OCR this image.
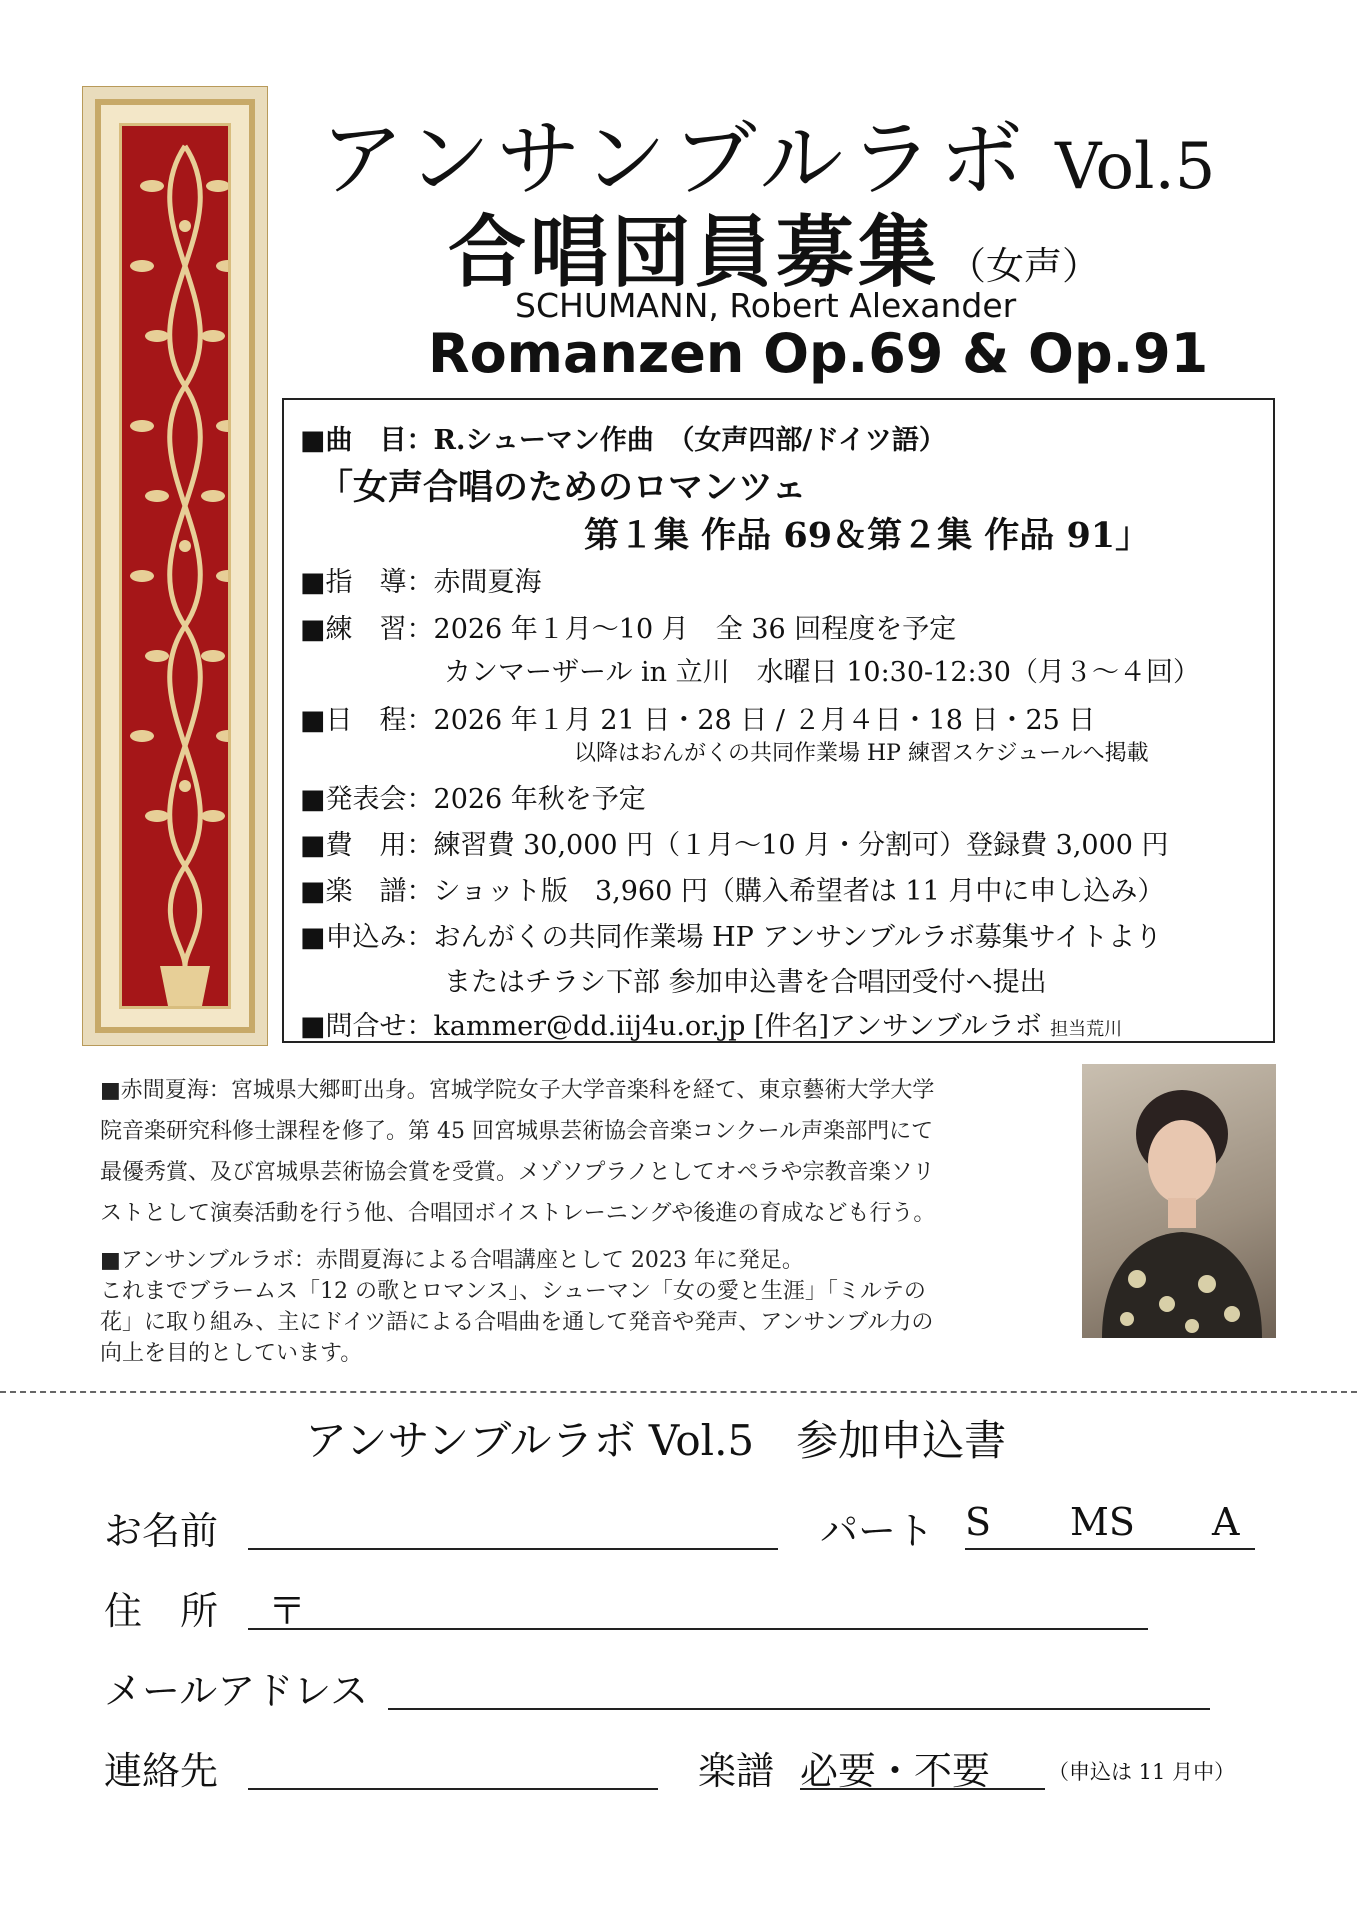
アンサンブルラボ Vol.5
合唱団員募集 （女声）
SCHUMANN, Robert Alexander
Romanzen Op.69 & Op.91
■曲　目：R.シューマン作曲　（女声四部/ドイツ語）
「女声合唱のためのロマンツェ
第１集 作品 69＆第２集 作品 91」
■指　導：赤間夏海
■練　習：2026 年１月～10 月　全 36 回程度を予定
カンマーザール in 立川　水曜日 10:30-12:30（月３～４回）
■日　程：2026 年１月 21 日・28 日 / ２月４日・18 日・25 日
以降はおんがくの共同作業場 HP 練習スケジュールへ掲載
■発表会：2026 年秋を予定
■費　用：練習費 30,000 円（１月～10 月・分割可）登録費 3,000 円
■楽　譜：ショット版　3,960 円（購入希望者は 11 月中に申し込み）
■申込み：おんがくの共同作業場 HP アンサンブルラボ募集サイトより
またはチラシ下部 参加申込書を合唱団受付へ提出
■問合せ：kammer@dd.iij4u.or.jp [件名]アンサンブルラボ 担当荒川
■赤間夏海：宮城県大郷町出身。宮城学院女子大学音楽科を経て、東京藝術大学大学
院音楽研究科修士課程を修了。第 45 回宮城県芸術協会音楽コンクール声楽部門にて
最優秀賞、及び宮城県芸術協会賞を受賞。メゾソプラノとしてオペラや宗教音楽ソリ
ストとして演奏活動を行う他、合唱団ボイストレーニングや後進の育成なども行う。
■アンサンブルラボ：赤間夏海による合唱講座として 2023 年に発足。
これまでブラームス「12 の歌とロマンス」、シューマン「女の愛と生涯」「ミルテの
花」に取り組み、主にドイツ語による合唱曲を通して発音や発声、アンサンブル力の
向上を目的としています。
アンサンブルラボ Vol.5　参加申込書
お名前	パート S MS A
住　所 〒
メールアドレス
連絡先	楽譜 必要・不要	（申込は 11 月中）
